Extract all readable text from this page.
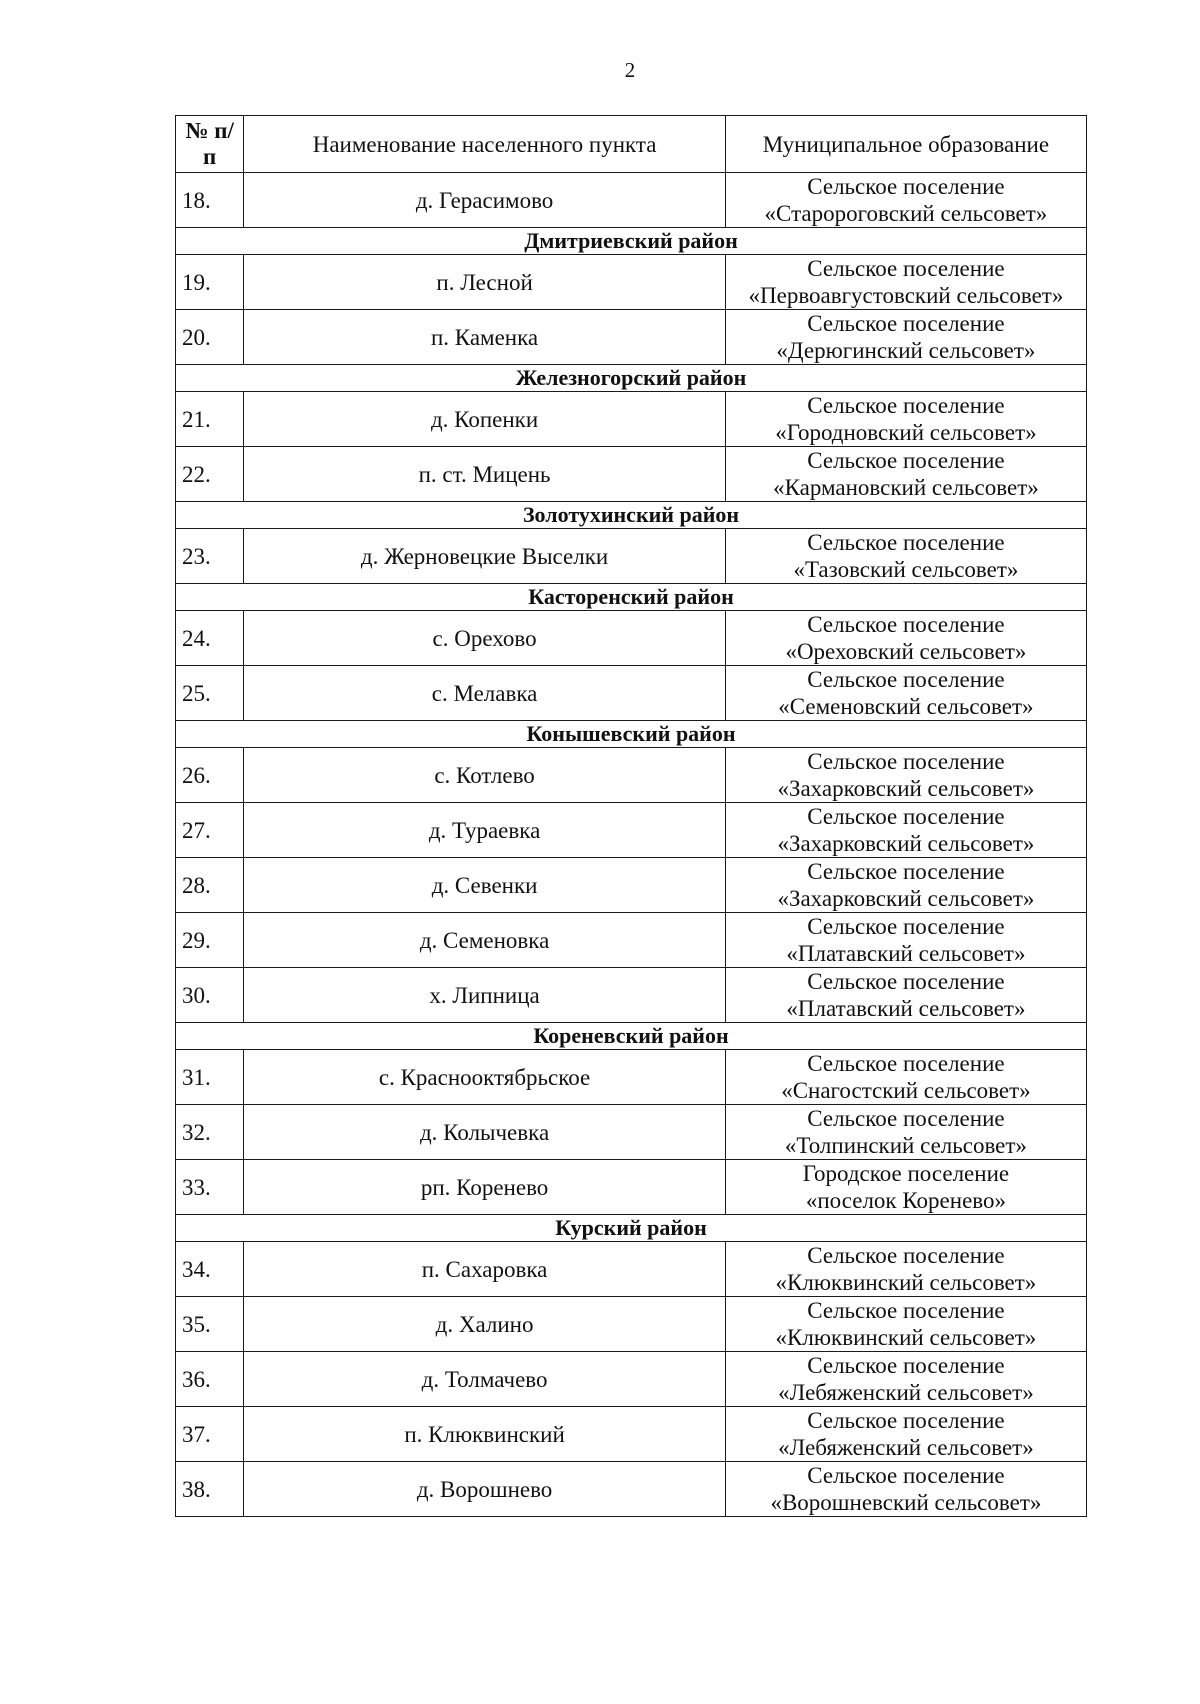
2
№ п/п	Наименование населенного пункта	Муниципальное образование
18.	д. Герасимово	Сельское поселение
«Старороговский сельсовет»

Дмитриевский район		
19.	п. Лесной	Сельское поселение
«Первоавгустовский сельсовет»

20.	п. Каменка	Сельское поселение
«Дерюгинский сельсовет»

Железногорский район		
21.	д. Копенки	Сельское поселение
«Городновский сельсовет»

22.	п. ст. Мицень	Сельское поселение
«Кармановский сельсовет»

Золотухинский район		
23.	д. Жерновецкие Выселки	Сельское поселение
«Тазовский сельсовет»

Касторенский район		
24.	с. Орехово	Сельское поселение
«Ореховский сельсовет»

25.	с. Мелавка	Сельское поселение
«Семеновский сельсовет»

Конышевский район		
26.	с. Котлево	Сельское поселение
«Захарковский сельсовет»

27.	д. Тураевка	Сельское поселение
«Захарковский сельсовет»

28.	д. Севенки	Сельское поселение
«Захарковский сельсовет»

29.	д. Семеновка	Сельское поселение
«Платавский сельсовет»

30.	х. Липница	Сельское поселение
«Платавский сельсовет»

Кореневский район		
31.	с. Краснооктябрьское	Сельское поселение
«Снагостский сельсовет»

32.	д. Колычевка	Сельское поселение
«Толпинский сельсовет»

33.	рп. Коренево	Городское поселение
«поселок Коренево»

Курский район		
34.	п. Сахаровка	Сельское поселение
«Клюквинский сельсовет»

35.	д. Халино	Сельское поселение
«Клюквинский сельсовет»

36.	д. Толмачево	Сельское поселение
«Лебяженский сельсовет»

37.	п. Клюквинский	Сельское поселение
«Лебяженский сельсовет»

38.	д. Ворошнево	Сельское поселение
«Ворошневский сельсовет»
